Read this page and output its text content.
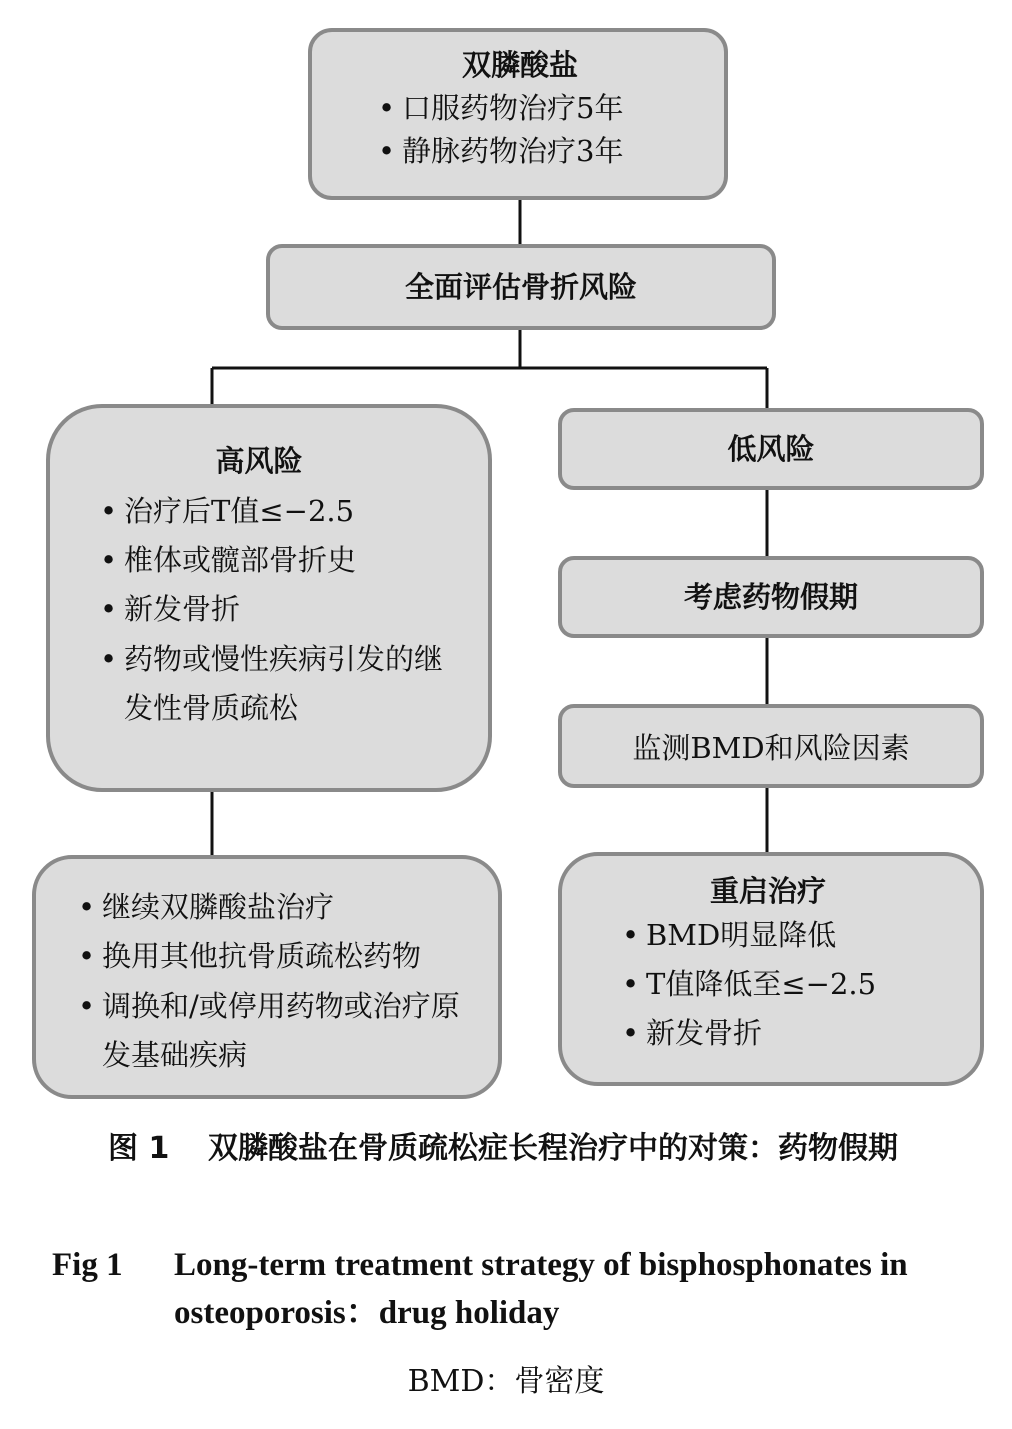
双膦酸盐
• 口服药物治疗5年
• 静脉药物治疗3年
全面评估骨折风险
高风险
• 治疗后T值≤−2.5
• 椎体或髋部骨折史
• 新发骨折
• 药物或慢性疾病引发的继发性骨质疏松
• 继续双膦酸盐治疗
• 换用其他抗骨质疏松药物
• 调换和/或停用药物或治疗原发基础疾病
低风险
考虑药物假期
监测BMD和风险因素
重启治疗
• BMD明显降低
• T值降低至≤−2.5
• 新发骨折
图 1 双膦酸盐在骨质疏松症长程治疗中的对策：药物假期
Fig 1 Long-term treatment strategy of bisphosphonates in osteoporosis：drug holiday
BMD：骨密度
